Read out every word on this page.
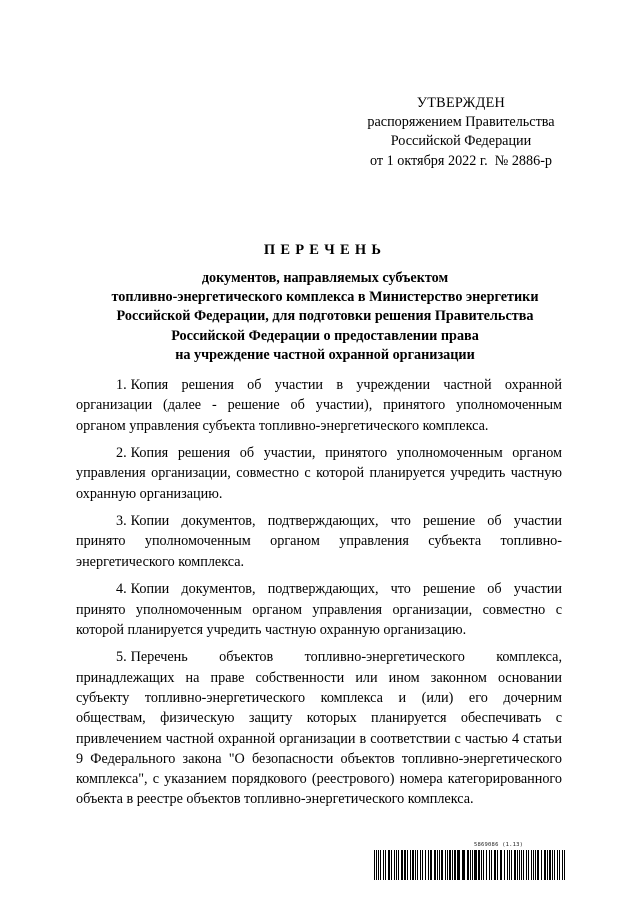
УТВЕРЖДЕН
распоряжением Правительства
Российской Федерации
от 1 октября 2022 г.  № 2886-р
ПЕРЕЧЕНЬ
документов, направляемых субъектом
топливно-энергетического комплекса в Министерство энергетики
Российской Федерации, для подготовки решения Правительства
Российской Федерации о предоставлении права
на учреждение частной охранной организации

1. Копия решения об участии в учреждении частной охранной организации (далее - решение об участии), принятого уполномоченным органом управления субъекта топливно-энергетического комплекса.

2. Копия решения об участии, принятого уполномоченным органом управления организации, совместно с которой планируется учредить частную охранную организацию.

3. Копии документов, подтверждающих, что решение об участии принято уполномоченным органом управления субъекта топливно-энергетического комплекса.

4. Копии документов, подтверждающих, что решение об участии принято уполномоченным органом управления организации, совместно с которой планируется учредить частную охранную организацию.

5. Перечень объектов топливно-энергетического комплекса, принадлежащих на праве собственности или ином законном основании субъекту топливно-энергетического комплекса и (или) его дочерним обществам, физическую защиту которых планируется обеспечивать с привлечением частной охранной организации в соответствии с частью 4 статьи 9 Федерального закона "О безопасности объектов топливно-энергетического комплекса", с указанием порядкового (реестрового) номера категорированного объекта в реестре объектов топливно-энергетического комплекса.

5869086 (1.13)
